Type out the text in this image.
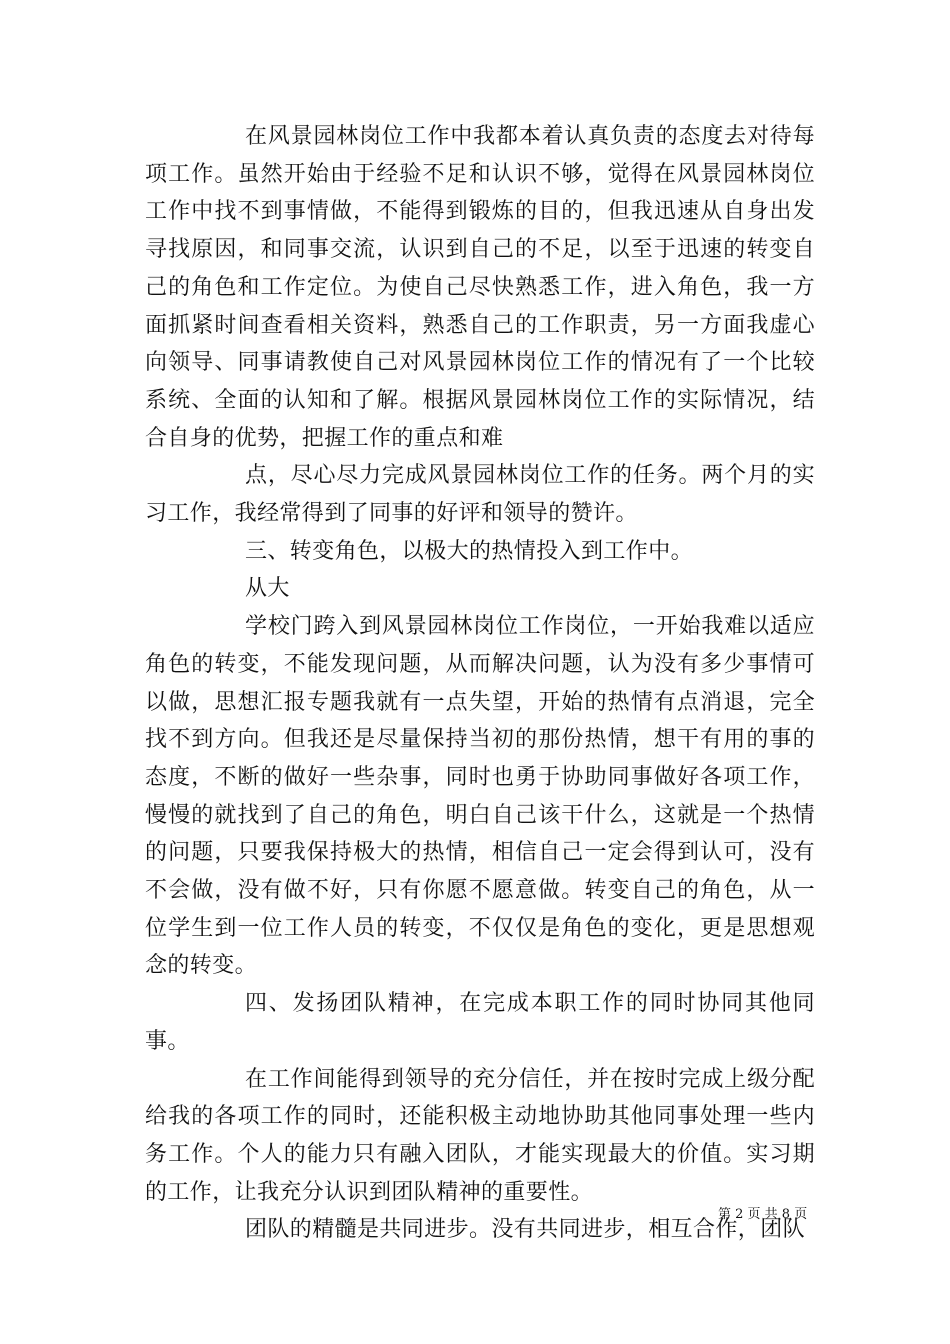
在风景园林岗位工作中我都本着认真负责的态度去对待每项工作。虽然开始由于经验不足和认识不够，觉得在风景园林岗位工作中找不到事情做，不能得到锻炼的目的，但我迅速从自身出发寻找原因，和同事交流，认识到自己的不足，以至于迅速的转变自己的角色和工作定位。为使自己尽快熟悉工作，进入角色，我一方面抓紧时间查看相关资料，熟悉自己的工作职责，另一方面我虚心向领导、同事请教使自己对风景园林岗位工作的情况有了一个比较系统、全面的认知和了解。根据风景园林岗位工作的实际情况，结合自身的优势，把握工作的重点和难

点，尽心尽力完成风景园林岗位工作的任务。两个月的实习工作，我经常得到了同事的好评和领导的赞许。

三、转变角色，以极大的热情投入到工作中。

从大

学校门跨入到风景园林岗位工作岗位，一开始我难以适应角色的转变，不能发现问题，从而解决问题，认为没有多少事情可以做，思想汇报专题我就有一点失望，开始的热情有点消退，完全找不到方向。但我还是尽量保持当初的那份热情，想干有用的事的态度，不断的做好一些杂事，同时也勇于协助同事做好各项工作，慢慢的就找到了自己的角色，明白自己该干什么，这就是一个热情的问题，只要我保持极大的热情，相信自己一定会得到认可，没有不会做，没有做不好，只有你愿不愿意做。转变自己的角色，从一位学生到一位工作人员的转变，不仅仅是角色的变化，更是思想观念的转变。

四、发扬团队精神，在完成本职工作的同时协同其他同事。

在工作间能得到领导的充分信任，并在按时完成上级分配给我的各项工作的同时，还能积极主动地协助其他同事处理一些内务工作。个人的能力只有融入团队，才能实现最大的价值。实习期的工作，让我充分认识到团队精神的重要性。

团队的精髓是共同进步。没有共同进步，相互合作，团队

第 2 页 共 8 页
